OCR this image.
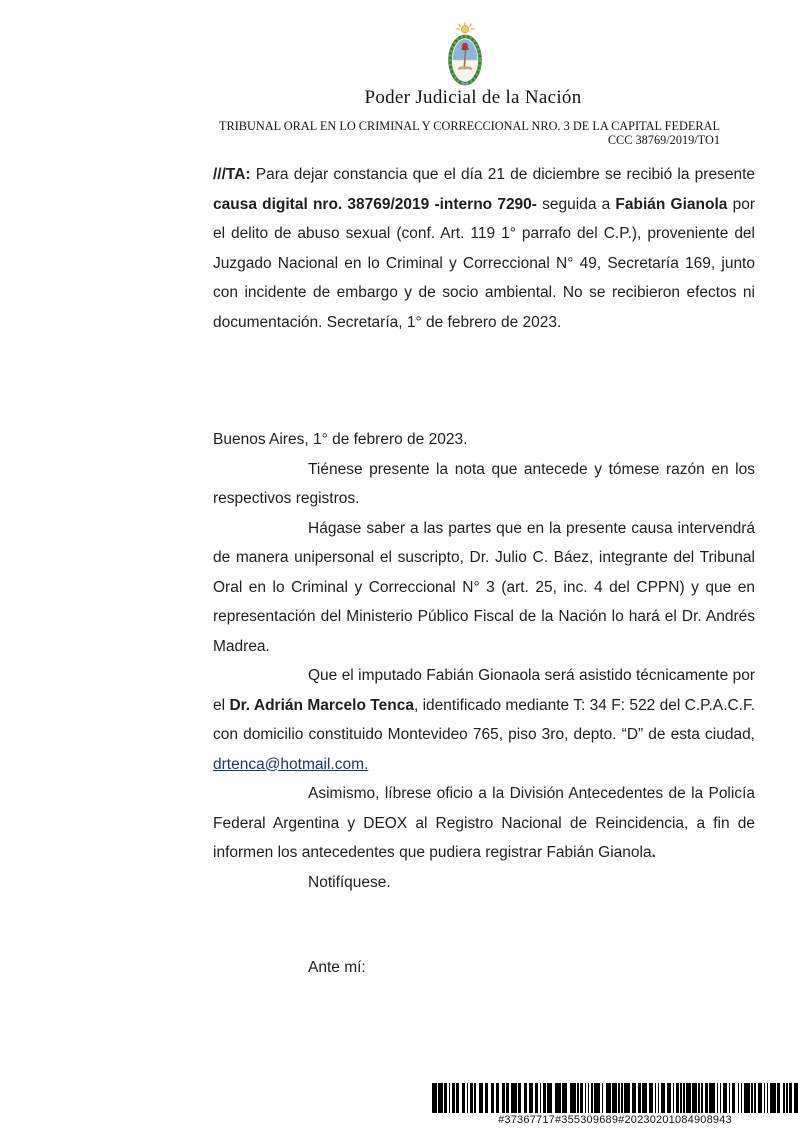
Poder Judicial de la Nación
TRIBUNAL ORAL EN LO CRIMINAL Y CORRECCIONAL NRO. 3 DE LA CAPITAL FEDERAL
CCC 38769/2019/TO1

///TA: Para dejar constancia que el día 21 de diciembre se recibió la presente causa digital nro. 38769/2019 -interno 7290- seguida a Fabián Gianola por el delito de abuso sexual (conf. Art. 119 1° parrafo del C.P.), proveniente del Juzgado Nacional en lo Criminal y Correccional N° 49, Secretaría 169, junto con incidente de embargo y de socio ambiental. No se recibieron efectos ni documentación. Secretaría, 1° de febrero de 2023.

Buenos Aires, 1° de febrero de 2023.

Tiénese presente la nota que antecede y tómese razón en los respectivos registros.

Hágase saber a las partes que en la presente causa intervendrá de manera unipersonal el suscripto, Dr. Julio C. Báez, integrante del Tribunal Oral en lo Criminal y Correccional N° 3 (art. 25, inc. 4 del CPPN) y que en representación del Ministerio Público Fiscal de la Nación lo hará el Dr. Andrés Madrea.

Que el imputado Fabián Gionaola será asistido técnicamente por el Dr. Adrián Marcelo Tenca, identificado mediante T: 34 F: 522 del C.P.A.C.F. con domicilio constituido Montevideo 765, piso 3ro, depto. “D” de esta ciudad, drtenca@hotmail.com.

Asimismo, líbrese oficio a la División Antecedentes de la Policía Federal Argentina y DEOX al Registro Nacional de Reincidencia, a fin de informen los antecedentes que pudiera registrar Fabián Gianola.

Notifíquese.

Ante mí:

#37367717#355309689#20230201084908943
